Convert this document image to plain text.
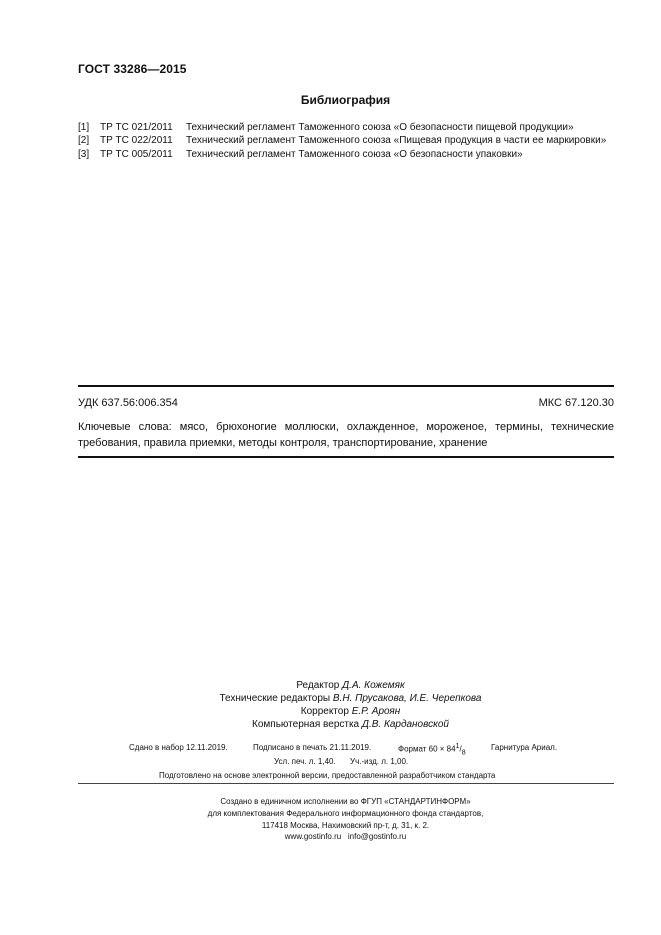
ГОСТ 33286—2015
Библиография
[1] ТР ТС 021/2011 Технический регламент Таможенного союза «О безопасности пищевой продукции»
[2] ТР ТС 022/2011 Технический регламент Таможенного союза «Пищевая продукция в части ее маркировки»
[3] ТР ТС 005/2011 Технический регламент Таможенного союза «О безопасности упаковки»
УДК 637.56:006.354	МКС 67.120.30
Ключевые слова: мясо, брюхоногие моллюски, охлажденное, мороженое, термины, технические требования, правила приемки, методы контроля, транспортирование, хранение
Редактор Д.А. Кожемяк
Технические редакторы В.Н. Прусакова, И.Е. Черепкова
Корректор Е.Р. Ароян
Компьютерная верстка Д.В. Кардановской
Сдано в набор 12.11.2019.	Подписано в печать 21.11.2019.	Формат $60 \times 84^1/_8$
Гарнитура Ариал.
Усл. печ. л. 1,40. Уч.-изд. л. 1,00.
Подготовлено на основе электронной версии, предоставленной разработчиком стандарта
Создано в единичном исполнении во ФГУП «СТАНДАРТИНФОРМ»
для комплектования Федерального информационного фонда стандартов,
117418 Москва, Нахимовский пр-т, д. 31, к. 2.
www.gostinfo.ru info@gostinfo.ru
